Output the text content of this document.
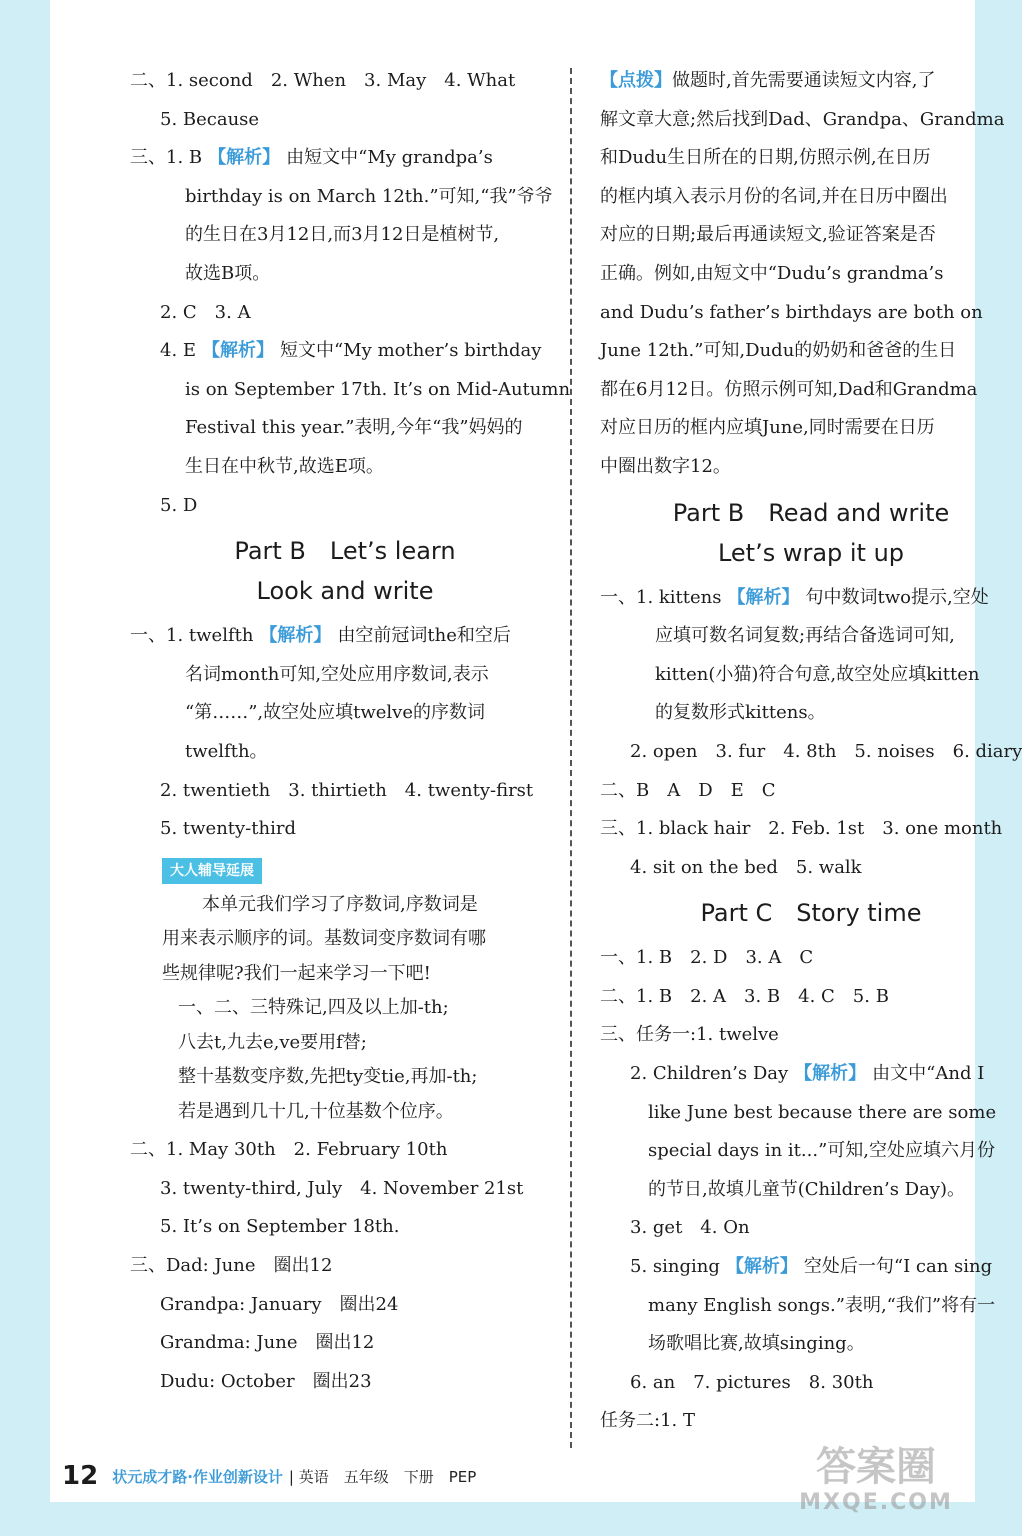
二、1. second　2. When　3. May　4. What
5. Because
三、1. B 【解析】 由短文中“My grandpa’s
birthday is on March 12th.”可知,“我”爷爷
的生日在3月12日,而3月12日是植树节,
故选B项。
2. C　3. A
4. E 【解析】 短文中“My mother’s birthday
is on September 17th. It’s on Mid-Autumn
Festival this year.”表明,今年“我”妈妈的
生日在中秋节,故选E项。
5. D
Part B　Let’s learn
Look and write
一、1. twelfth 【解析】 由空前冠词the和空后
名词month可知,空处应用序数词,表示
“第……”,故空处应填twelve的序数词
twelfth。
2. twentieth　3. thirtieth　4. twenty-first
5. twenty-third
大人辅导延展
本单元我们学习了序数词,序数词是
用来表示顺序的词。基数词变序数词有哪
些规律呢?我们一起来学习一下吧!
一、二、三特殊记,四及以上加-th;
八去t,九去e,ve要用f替;
整十基数变序数,先把ty变tie,再加-th;
若是遇到几十几,十位基数个位序。
二、1. May 30th　2. February 10th
3. twenty-third, July　4. November 21st
5. It’s on September 18th.
三、Dad: June　圈出12
Grandpa: January　圈出24
Grandma: June　圈出12
Dudu: October　圈出23
【点拨】做题时,首先需要通读短文内容,了
解文章大意;然后找到Dad、Grandpa、Grandma
和Dudu生日所在的日期,仿照示例,在日历
的框内填入表示月份的名词,并在日历中圈出
对应的日期;最后再通读短文,验证答案是否
正确。例如,由短文中“Dudu’s grandma’s
and Dudu’s father’s birthdays are both on
June 12th.”可知,Dudu的奶奶和爸爸的生日
都在6月12日。仿照示例可知,Dad和Grandma
对应日历的框内应填June,同时需要在日历
中圈出数字12。
Part B　Read and write
Let’s wrap it up
一、1. kittens 【解析】 句中数词two提示,空处
应填可数名词复数;再结合备选词可知,
kitten(小猫)符合句意,故空处应填kitten
的复数形式kittens。
2. open　3. fur　4. 8th　5. noises　6. diary
二、B　A　D　E　C
三、1. black hair　2. Feb. 1st　3. one month
4. sit on the bed　5. walk
Part C　Story time
一、1. B　2. D　3. A　C
二、1. B　2. A　3. B　4. C　5. B
三、任务一:1. twelve
2. Children’s Day 【解析】 由文中“And I
like June best because there are some
special days in it...”可知,空处应填六月份
的节日,故填儿童节(Children’s Day)。
3. get　4. On
5. singing 【解析】 空处后一句“I can sing
many English songs.”表明,“我们”将有一
场歌唱比赛,故填singing。
6. an　7. pictures　8. 30th
任务二:1. T
12 状元成才路·作业创新设计 | 英语　五年级　下册　PEP	答案圈
MXQE.COM
